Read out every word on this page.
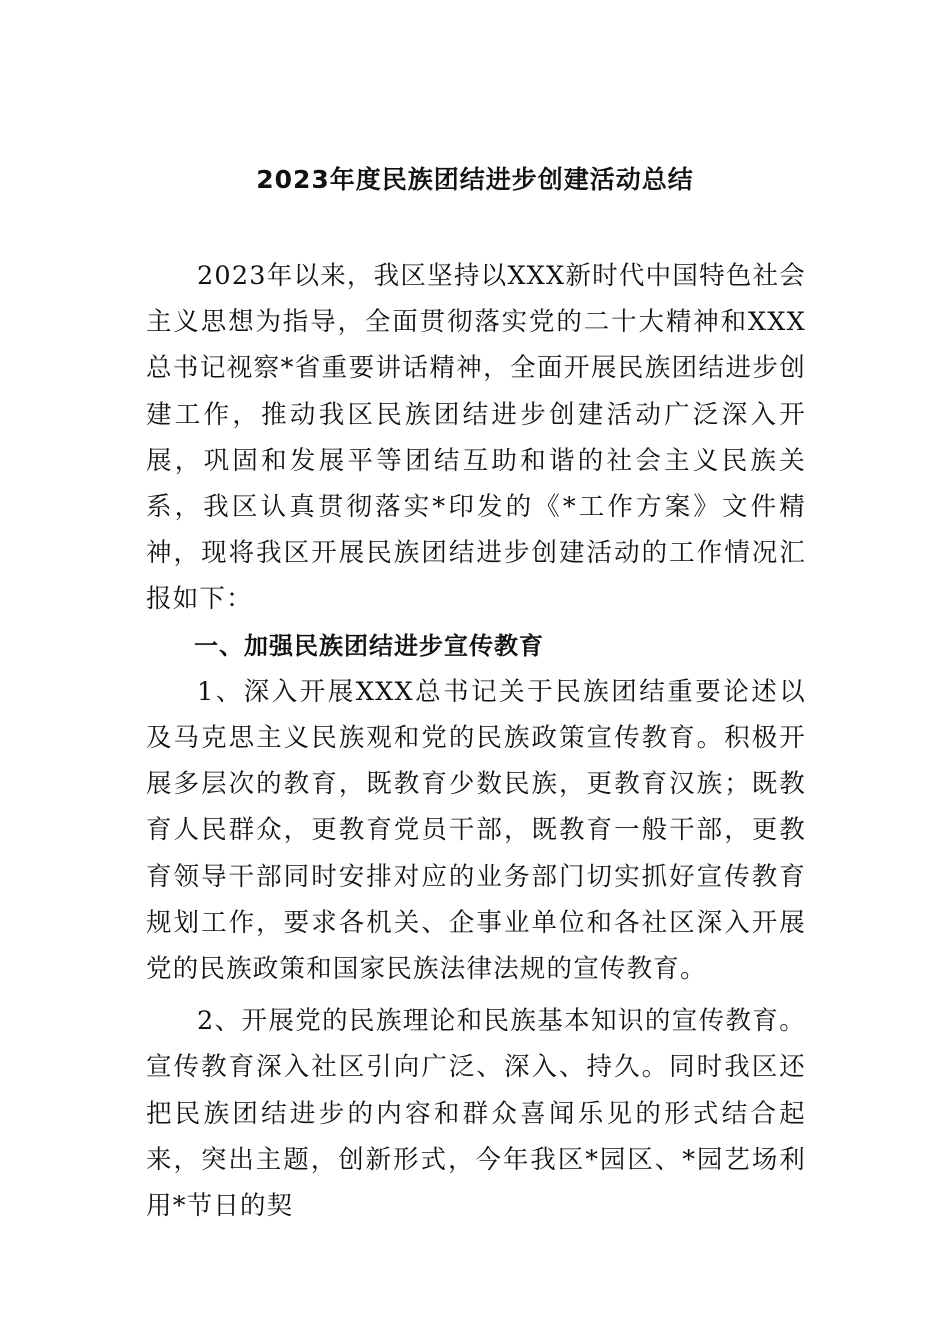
2023年度民族团结进步创建活动总结

2023年以来，我区坚持以XXX新时代中国特色社会主义思想为指导，全面贯彻落实党的二十大精神和XXX总书记视察*省重要讲话精神，全面开展民族团结进步创建工作，推动我区民族团结进步创建活动广泛深入开展，巩固和发展平等团结互助和谐的社会主义民族关系，我区认真贯彻落实*印发的《*工作方案》文件精神，现将我区开展民族团结进步创建活动的工作情况汇报如下：

一、加强民族团结进步宣传教育

1、深入开展XXX总书记关于民族团结重要论述以及马克思主义民族观和党的民族政策宣传教育。积极开展多层次的教育，既教育少数民族，更教育汉族；既教育人民群众，更教育党员干部，既教育一般干部，更教育领导干部同时安排对应的业务部门切实抓好宣传教育规划工作，要求各机关、企事业单位和各社区深入开展党的民族政策和国家民族法律法规的宣传教育。

2、开展党的民族理论和民族基本知识的宣传教育。宣传教育深入社区引向广泛、深入、持久。同时我区还把民族团结进步的内容和群众喜闻乐见的形式结合起来，突出主题，创新形式，今年我区*园区、*园艺场利用*节日的契
